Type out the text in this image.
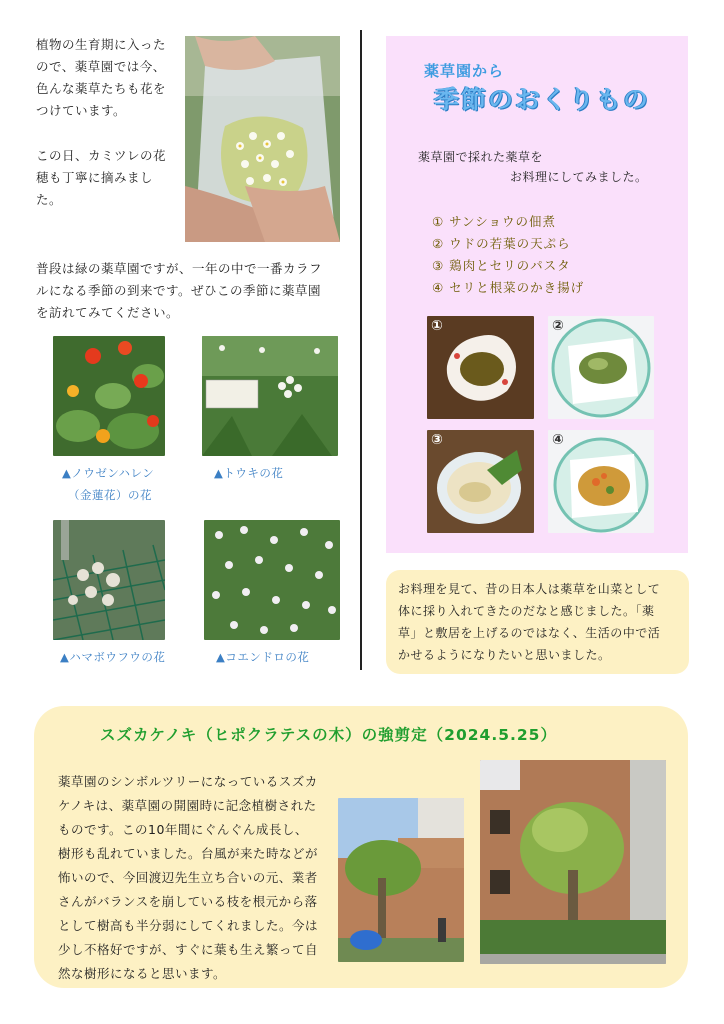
植物の生育期に入った
ので、薬草園では今、
色んな薬草たちも花を
つけています。
この日、カミツレの花
穂も丁寧に摘みまし
た。
普段は緑の薬草園ですが、一年の中で一番カラフ
ルになる季節の到来です。ぜひこの季節に薬草園
を訪れてみてください。
▲ノウゼンハレン
（金蓮花）の花
▲トウキの花
▲ハマボウフウの花	▲コエンドロの花
薬草園から
季節のおくりもの
薬草園で採れた薬草を
お料理にしてみました。
① サンショウの佃煮
② ウドの若葉の天ぷら
③ 鶏肉とセリのパスタ
④ セリと根菜のかき揚げ
①	②
③	④
お料理を見て、昔の日本人は薬草を山菜として
体に採り入れてきたのだなと感じました。「薬
草」と敷居を上げるのではなく、生活の中で活
かせるようになりたいと思いました。
スズカケノキ（ヒポクラテスの木）の強剪定（2024.5.25）
薬草園のシンボルツリーになっているスズカ
ケノキは、薬草園の開園時に記念植樹された
ものです。この10年間にぐんぐん成長し、
樹形も乱れていました。台風が来た時などが
怖いので、今回渡辺先生立ち合いの元、業者
さんがバランスを崩している枝を根元から落
として樹高も半分弱にしてくれました。今は
少し不格好ですが、すぐに葉も生え繁って自
然な樹形になると思います。
